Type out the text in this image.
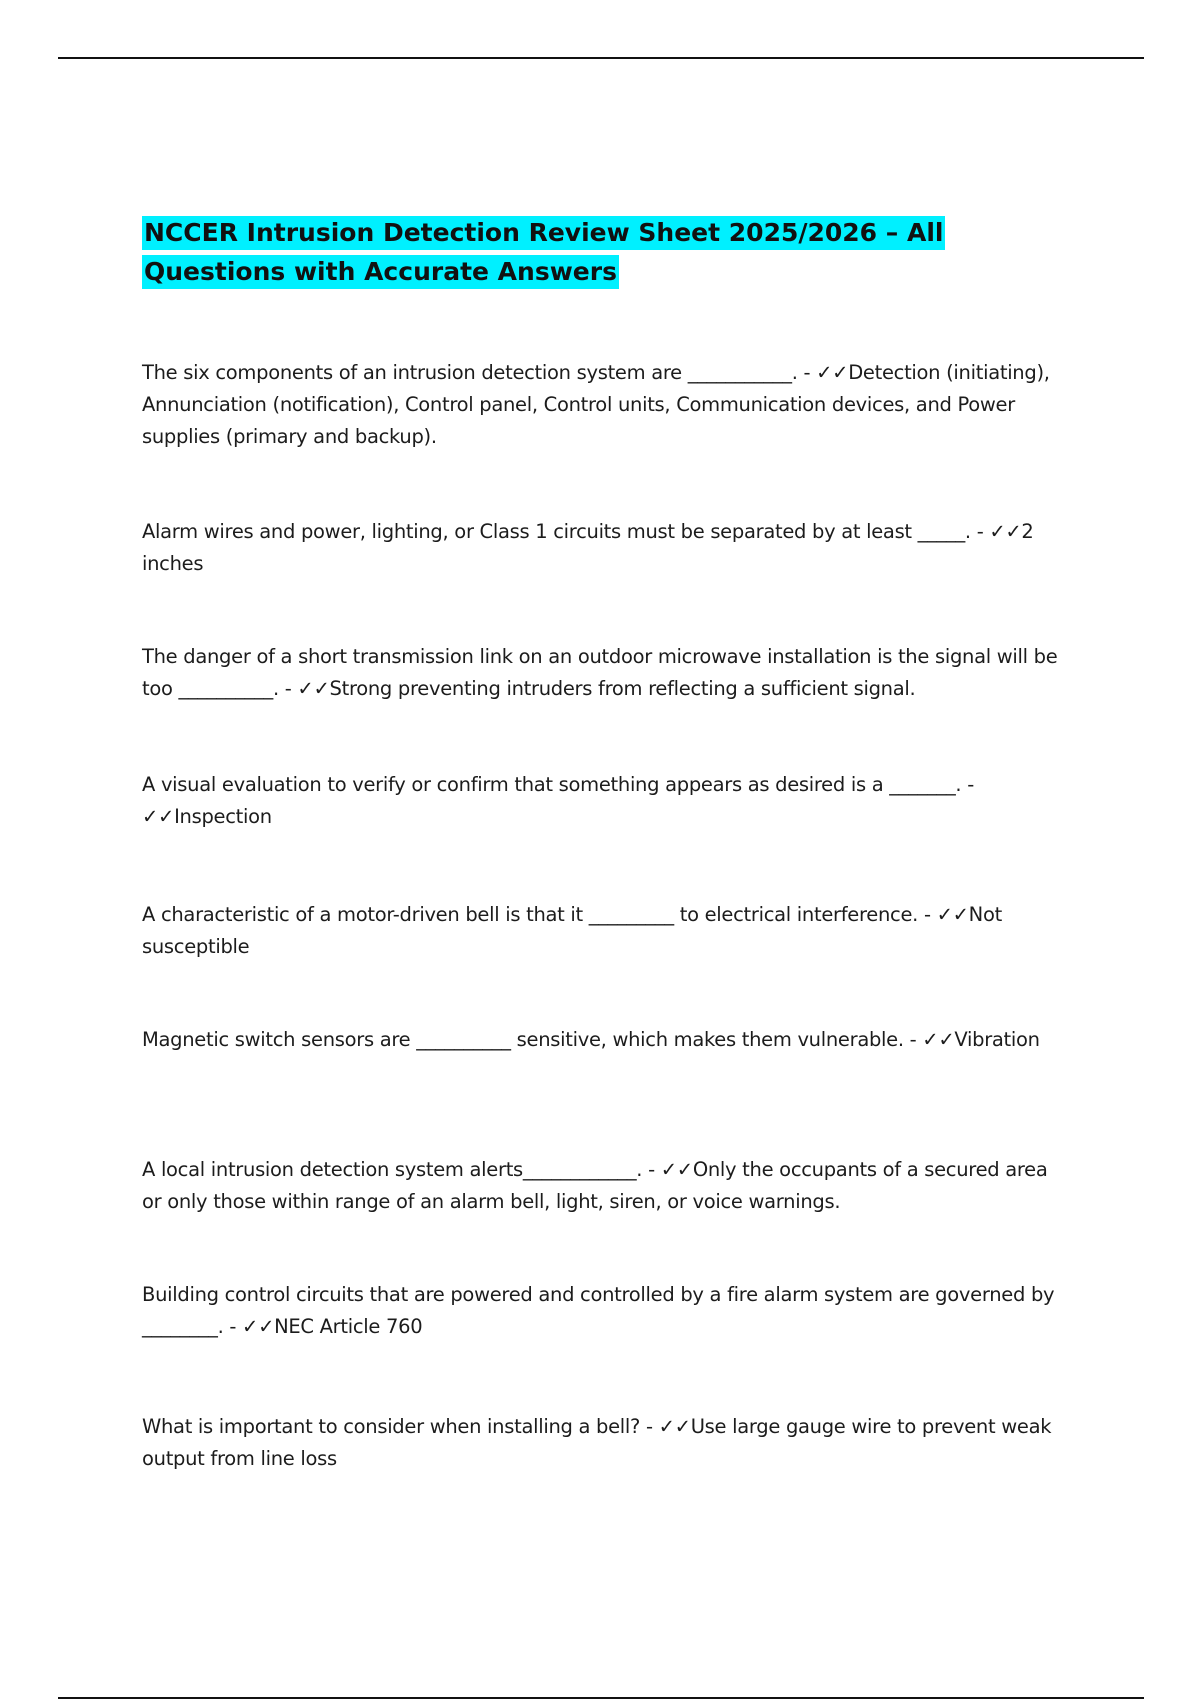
NCCER Intrusion Detection Review Sheet 2025/2026 – All Questions with Accurate Answers

The six components of an intrusion detection system are ___________. - ✓✓Detection (initiating), Annunciation (notification), Control panel, Control units, Communication devices, and Power supplies (primary and backup).

Alarm wires and power, lighting, or Class 1 circuits must be separated by at least _____. - ✓✓2 inches

The danger of a short transmission link on an outdoor microwave installation is the signal will be too __________. - ✓✓Strong preventing intruders from reflecting a sufficient signal.

A visual evaluation to verify or confirm that something appears as desired is a _______. - ✓✓Inspection

A characteristic of a motor-driven bell is that it _________ to electrical interference. - ✓✓Not susceptible

Magnetic switch sensors are __________ sensitive, which makes them vulnerable. - ✓✓Vibration

A local intrusion detection system alerts____________. - ✓✓Only the occupants of a secured area or only those within range of an alarm bell, light, siren, or voice warnings.

Building control circuits that are powered and controlled by a fire alarm system are governed by ________. - ✓✓NEC Article 760

What is important to consider when installing a bell? - ✓✓Use large gauge wire to prevent weak output from line loss
